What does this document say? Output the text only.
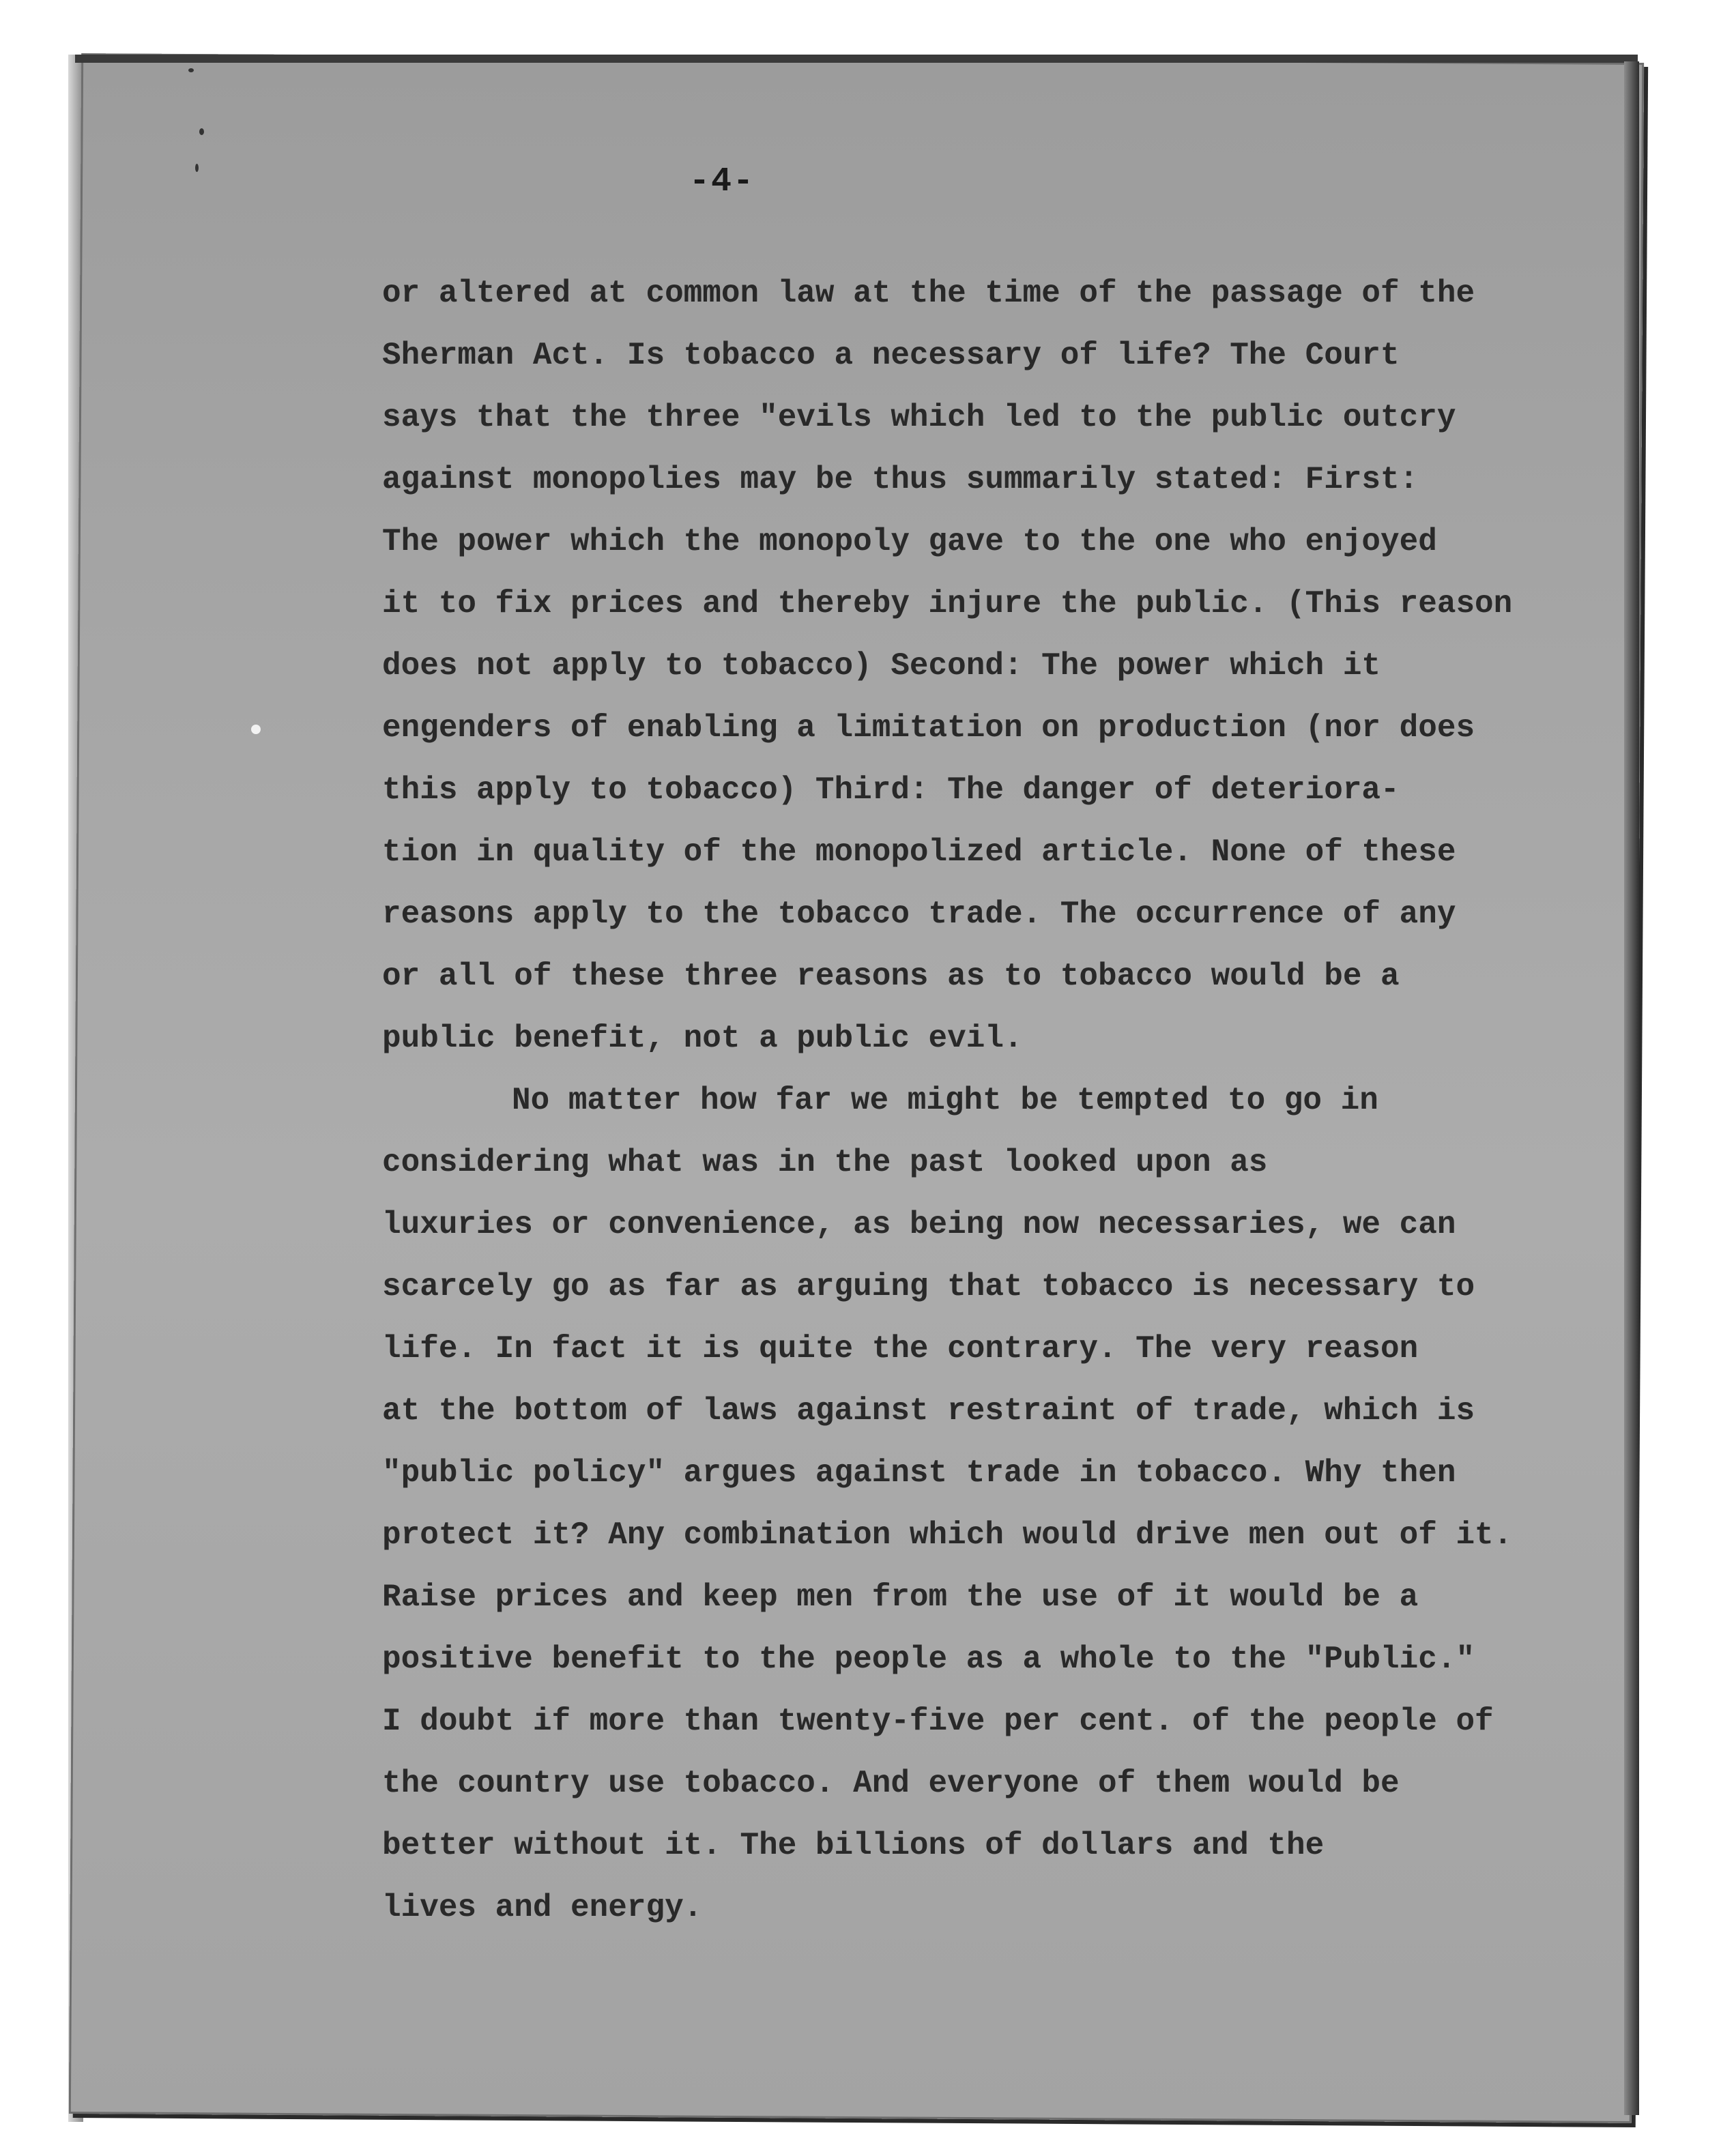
-4-
or altered at common law at the time of the passage of the
Sherman Act. Is tobacco a necessary of life? The Court
says that the three "evils which led to the public outcry
against monopolies may be thus summarily stated: First:
The power which the monopoly gave to the one who enjoyed
it to fix prices and thereby injure the public. (This reason
does not apply to tobacco) Second: The power which it
engenders of enabling a limitation on production (nor does
this apply to tobacco) Third: The danger of deteriora-
tion in quality of the monopolized article. None of these
reasons apply to the tobacco trade. The occurrence of any
or all of these three reasons as to tobacco would be a
public benefit, not a public evil.
No matter how far we might be tempted to go in
considering what was in the past looked upon as
luxuries or convenience, as being now necessaries, we can
scarcely go as far as arguing that tobacco is necessary to
life. In fact it is quite the contrary. The very reason
at the bottom of laws against restraint of trade, which is
"public policy" argues against trade in tobacco. Why then
protect it? Any combination which would drive men out of it.
Raise prices and keep men from the use of it would be a
positive benefit to the people as a whole to the "Public."
I doubt if more than twenty-five per cent. of the people of
the country use tobacco. And everyone of them would be
better without it. The billions of dollars and the
lives and energy.
